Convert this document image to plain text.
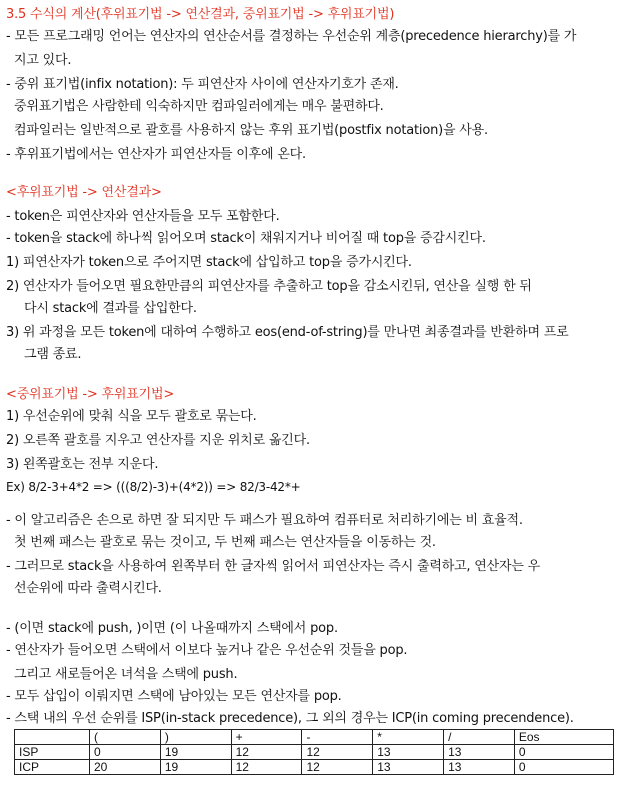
3.5 수식의 계산(후위표기법 -> 연산결과, 중위표기법 -> 후위표기법)
- 모든 프로그래밍 언어는 연산자의 연산순서를 결정하는 우선순위 계층(precedence hierarchy)를 가
지고 있다.
- 중위 표기법(infix notation): 두 피연산자 사이에 연산자기호가 존재.
중위표기법은 사람한테 익숙하지만 컴파일러에게는 매우 불편하다.
컴파일러는 일반적으로 괄호를 사용하지 않는 후위 표기법(postfix notation)을 사용.
- 후위표기법에서는 연산자가 피연산자들 이후에 온다.
<후위표기법 -> 연산결과>
- token은 피연산자와 연산자들을 모두 포함한다.
- token을 stack에 하나씩 읽어오며 stack이 채워지거나 비어질 때 top을 증감시킨다.
1) 피연산자가 token으로 주어지면 stack에 삽입하고 top을 증가시킨다.
2) 연산자가 들어오면 필요한만큼의 피연산자를 추출하고 top을 감소시킨뒤, 연산을 실행 한 뒤
다시 stack에 결과를 삽입한다.
3) 위 과정을 모든 token에 대하여 수행하고 eos(end-of-string)를 만나면 최종결과를 반환하며 프로
그램 종료.
<중위표기법 -> 후위표기법>
1) 우선순위에 맞춰 식을 모두 괄호로 묶는다.
2) 오른쪽 괄호를 지우고 연산자를 지운 위치로 옮긴다.
3) 왼쪽괄호는 전부 지운다.
Ex) 8/2-3+4*2 => (((8/2)-3)+(4*2)) => 82/3-42*+
- 이 알고리즘은 손으로 하면 잘 되지만 두 패스가 필요하여 컴퓨터로 처리하기에는 비 효율적.
첫 번째 패스는 괄호로 묶는 것이고, 두 번째 패스는 연산자들을 이동하는 것.
- 그러므로 stack을 사용하여 왼쪽부터 한 글자씩 읽어서 피연산자는 즉시 출력하고, 연산자는 우
선순위에 따라 출력시킨다.
- (이면 stack에 push, )이면 (이 나올때까지 스택에서 pop.
- 연산자가 들어오면 스택에서 이보다 높거나 같은 우선순위 것들을 pop.
그리고 새로들어온 녀석을 스택에 push.
- 모두 삽입이 이뤄지면 스택에 남아있는 모든 연산자를 pop.
- 스택 내의 우선 순위를 ISP(in-stack precedence), 그 외의 경우는 ICP(in coming precendence).
	(	)	+	-	*	/	Eos
ISP	0	19	12	12	13	13	0
ICP	20	19	12	12	13	13	0
